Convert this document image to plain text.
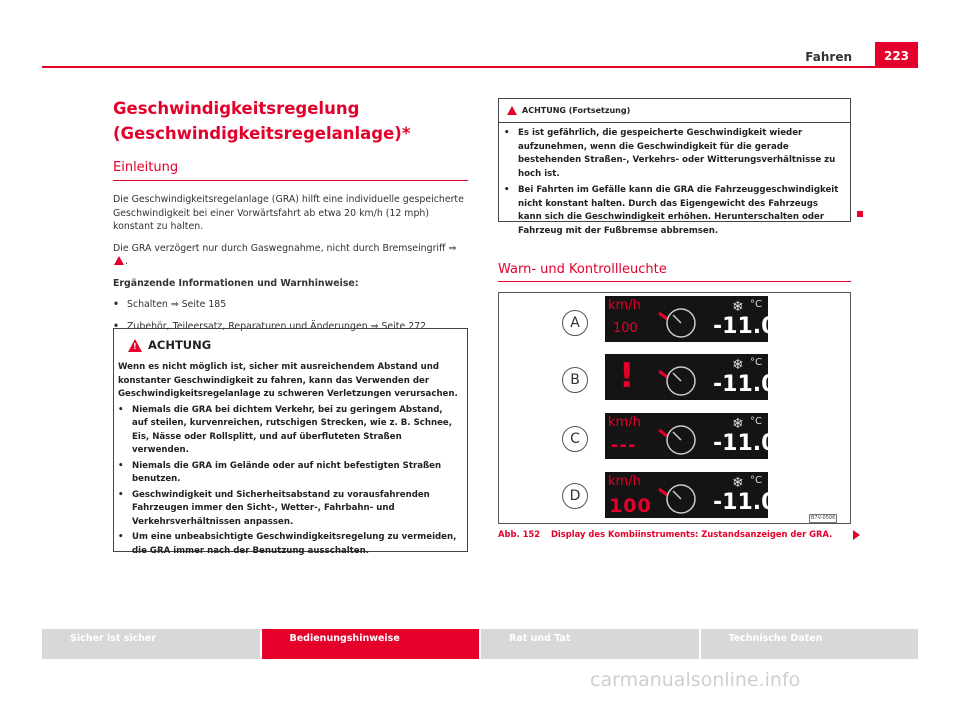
Fahren	223
Geschwindigkeitsregelung
(Geschwindigkeitsregelanlage)*
Einleitung
Die Geschwindigkeitsregelanlage (GRA) hilft eine individuelle gespeicherte Geschwindigkeit bei einer Vorwärtsfahrt ab etwa 20 km/h (12 mph) konstant zu halten.
Die GRA verzögert nur durch Gaswegnahme, nicht durch Bremseingriff ⇒ .
Ergänzende Informationen und Warnhinweise:
• Schalten ⇒ Seite 185
• Zubehör, Teileersatz, Reparaturen und Änderungen ⇒ Seite 272
! ACHTUNG
Wenn es nicht möglich ist, sicher mit ausreichendem Abstand und konstanter Geschwindigkeit zu fahren, kann das Verwenden der Geschwindigkeitsregelanlage zu schweren Verletzungen verursachen.
• Niemals die GRA bei dichtem Verkehr, bei zu geringem Abstand, auf steilen, kurvenreichen, rutschigen Strecken, wie z. B. Schnee, Eis, Nässe oder Rollsplitt, und auf überfluteten Straßen verwenden.
• Niemals die GRA im Gelände oder auf nicht befestigten Straßen benutzen.
• Geschwindigkeit und Sicherheitsabstand zu vorausfahrenden Fahrzeugen immer den Sicht-, Wetter-, Fahrbahn- und Verkehrsverhältnissen anpassen.
• Um eine unbeabsichtigte Geschwindigkeitsregelung zu vermeiden, die GRA immer nach der Benutzung ausschalten.
ACHTUNG (Fortsetzung)
• Es ist gefährlich, die gespeicherte Geschwindigkeit wieder aufzunehmen, wenn die Geschwindigkeit für die gerade bestehenden Straßen-, Verkehrs- oder Witterungsverhältnisse zu hoch ist.
• Bei Fahrten im Gefälle kann die GRA die Fahrzeuggeschwindigkeit nicht konstant halten. Durch das Eigengewicht des Fahrzeugs kann sich die Geschwindigkeit erhöhen. Herunterschalten oder Fahrzeug mit der Fußbremse abbremsen.
Warn- und Kontrollleuchte
A
km/h
100
❄ °C
-11.0
B !	❄ °C
-11.0
C
km/h
---
❄ °C
-11.0
D
km/h
100
❄ °C
-11.0
B7V-0506
Abb. 152 Display des Kombiinstruments: Zustandsanzeigen der GRA.
Sicher ist sicher	Bedienungshinweise	Rat und Tat	Technische Daten
carmanualsonline.info
